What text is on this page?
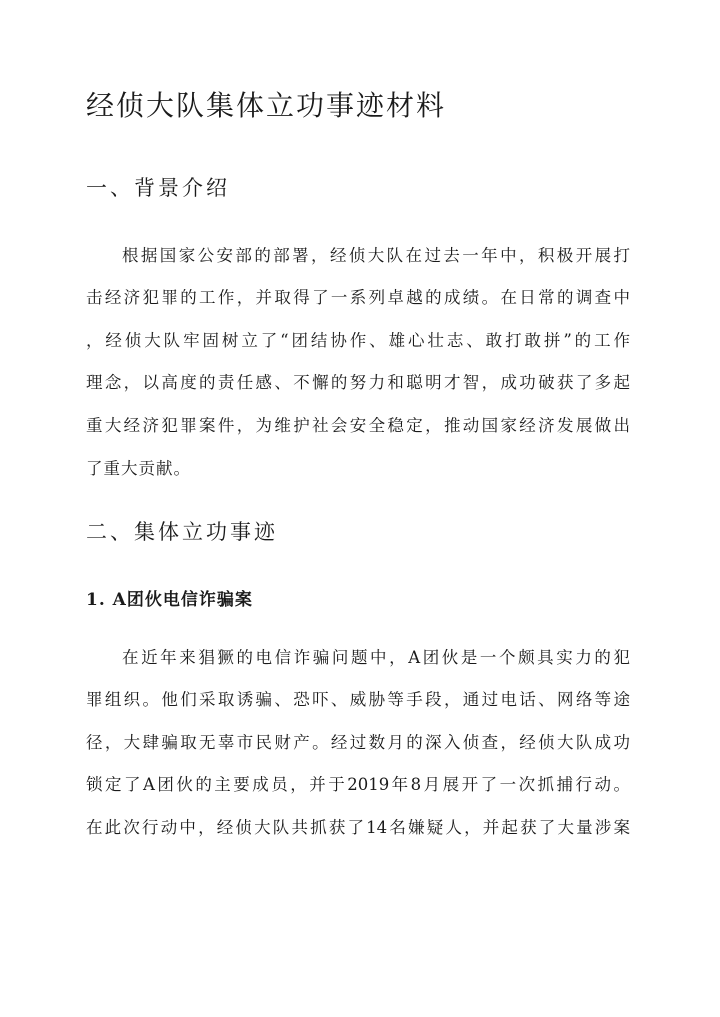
经侦大队集体立功事迹材料
一、背景介绍

根据国家公安部的部署，经侦大队在过去一年中，积极开展打

击经济犯罪的工作，并取得了一系列卓越的成绩。在日常的调查中

，经侦大队牢固树立了“团结协作、雄心壮志、敢打敢拼”的工作

理念，以高度的责任感、不懈的努力和聪明才智，成功破获了多起

重大经济犯罪案件，为维护社会安全稳定，推动国家经济发展做出

了重大贡献。

二、集体立功事迹
1. A团伙电信诈骗案

在近年来猖獗的电信诈骗问题中，A团伙是一个颇具实力的犯

罪组织。他们采取诱骗、恐吓、威胁等手段，通过电话、网络等途

径，大肆骗取无辜市民财产。经过数月的深入侦查，经侦大队成功

锁定了A团伙的主要成员，并于2019年8月展开了一次抓捕行动。

在此次行动中，经侦大队共抓获了14名嫌疑人，并起获了大量涉案
